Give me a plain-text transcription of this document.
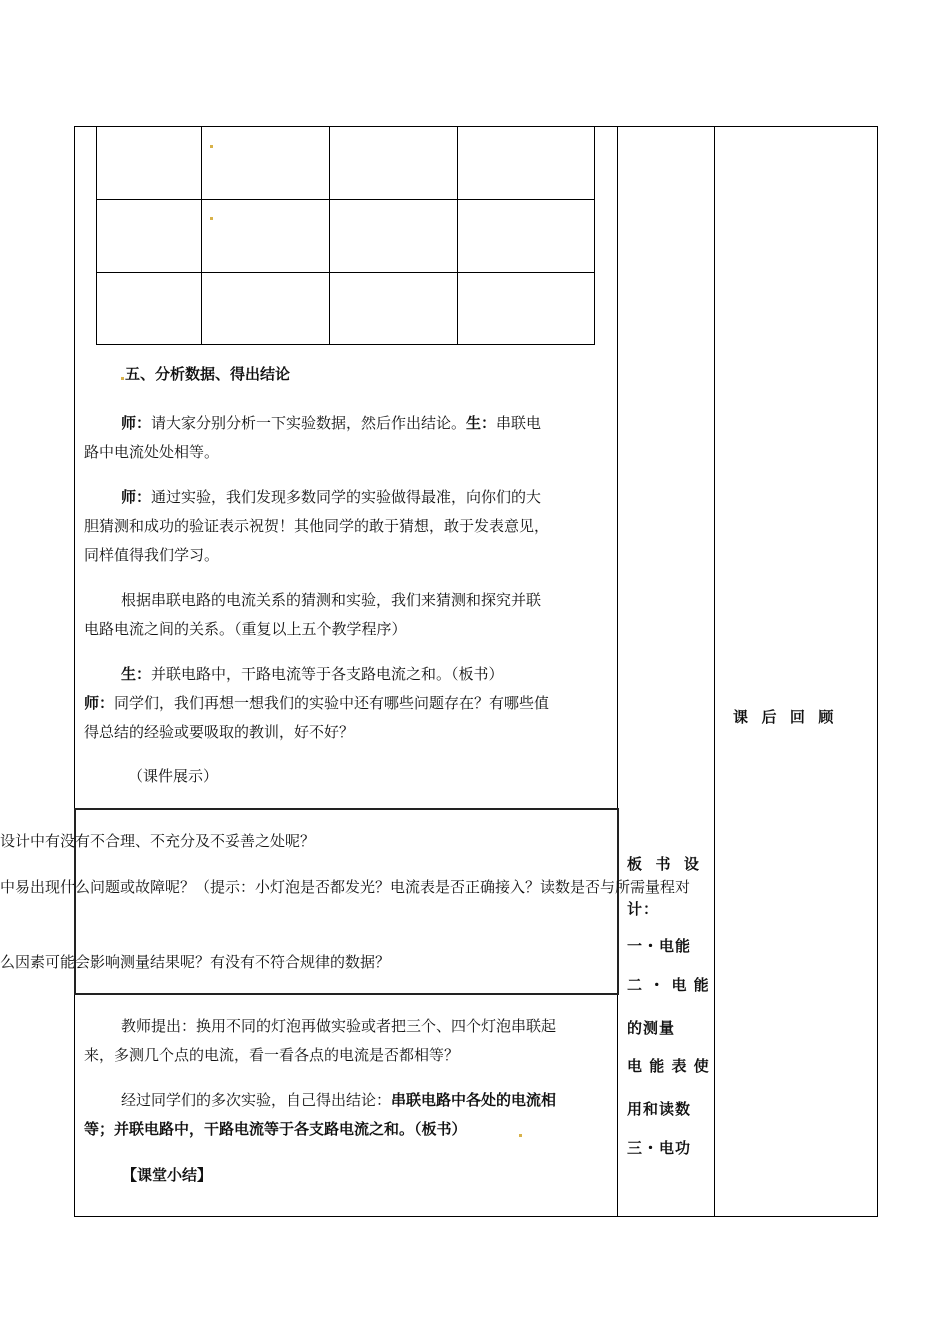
五、分析数据、得出结论
师：请大家分别分析一下实验数据，然后作出结论。生：串联电
路中电流处处相等。
师：通过实验，我们发现多数同学的实验做得最准，向你们的大
胆猜测和成功的验证表示祝贺！其他同学的敢于猜想，敢于发表意见，
同样值得我们学习。
根据串联电路的电流关系的猜测和实验，我们来猜测和探究并联
电路电流之间的关系。（重复以上五个教学程序）
生：并联电路中，干路电流等于各支路电流之和。（板书）
师：同学们，我们再想一想我们的实验中还有哪些问题存在？有哪些值
得总结的经验或要吸取的教训，好不好？
（课件展示）
设计中有没有不合理、不充分及不妥善之处呢？
中易出现什么问题或故障呢？（提示：小灯泡是否都发光？电流表是否正确接入？读数是否与所需量程对
么因素可能会影响测量结果呢？有没有不符合规律的数据？
教师提出：换用不同的灯泡再做实验或者把三个、四个灯泡串联起
来，多测几个点的电流，看一看各点的电流是否都相等？
经过同学们的多次实验，自己得出结论：串联电路中各处的电流相
等；并联电路中，干路电流等于各支路电流之和。（板书）
【课堂小结】
板  书  设
计：
一・电能
二 ・ 电 能
的测量
电 能 表 使
用和读数
三・电功
课  后  回  顾
